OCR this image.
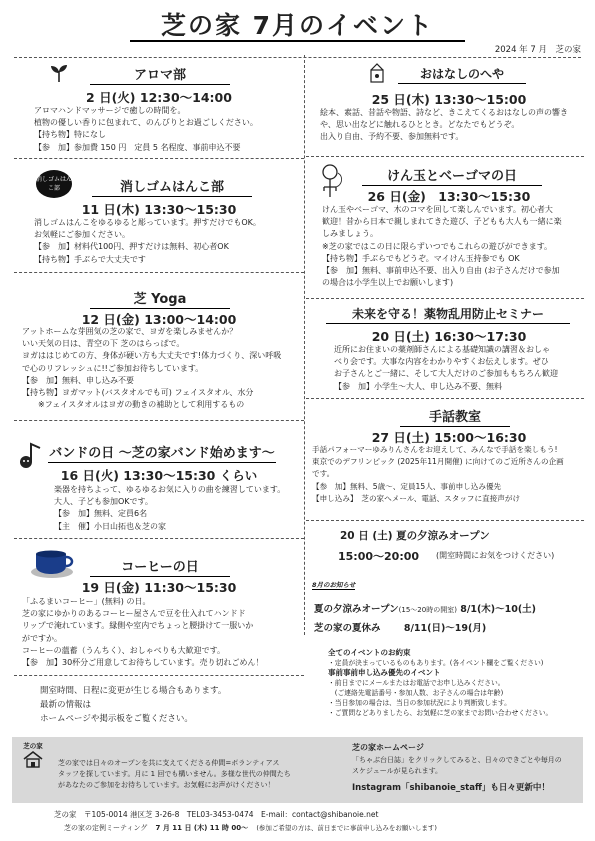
芝の家 7月のイベント
2024 年 7 月　芝の家
アロマ部
2 日(火) 12:30～14:00
アロマハンドマッサージで癒しの時間を。
植物の優しい香りに包まれて、のんびりとお過ごしください。
【持ち物】特になし
【参　加】参加費 150 円　定員 5 名程度、事前申込不要
消しゴムはんこ部	消しゴムはんこ部
11 日(木) 13:30～15:30
消しゴムはんこをゆるゆると彫っています。押すだけでもOK。
お気軽にご参加ください。
【参　加】材料代100円、押すだけは無料、初心者OK
【持ち物】手ぶらで大丈夫です
芝 Yoga
12 日(金) 13:00～14:00
アットホームな芽囲気の芝の家で、ヨガを楽しみませんか？
いい天気の日は、青空の下 芝のはらっぱで。
ヨガははじめての方、身体が硬い方も大丈夫です!体力づくり、深い呼吸
で心のリフレッシュに!!ご参加お待ちしています。
【参　加】無料、申し込み不要
【持ち物】ヨガマット(バスタオルでも可) フェイスタオル、水分
　　※フェイスタオルはヨガの動きの補助として利用するもの
バンドの日 ～芝の家バンド始めます～
16 日(火) 13:30～15:30 くらい
楽器を持ちよって、ゆるゆるお気に入りの曲を練習しています。
大人、子ども参加OKです。
【参　加】無料、定員6名
【主　催】小日山拓也＆芝の家
コーヒーの日
19 日(金) 11:30～15:30
「ふるまいコーヒー」(無料) の日。
芝の家にゆかりのあるコーヒー屋さんで豆を仕入れてハンドド
リップで淹れています。縁側や室内でちょっと腰掛けて一服いか
がですか。
コーヒーの薀蓄（うんちく）、おしゃべりも大歓迎です。
【参　加】30杯分ご用意してお待ちしています。売り切れごめん！
開室時間、日程に変更が生じる場合もあります。
最新の情報は
ホームページや掲示板をご覧ください。
おはなしのへや
25 日(木) 13:30～15:00
絵本、素話、昔話や物語、詩など、きこえてくるおはなしの声の響き
や、思い出などに触れるひととき。どなたでもどうぞ。
出入り自由、予約不要、参加無料です。
けん玉とベーゴマの日
26 日(金)　13:30～15:30
けん玉やベーゴマ、木のコマを回して楽しんでいます。初心者大
歓迎！昔から日本で親しまれてきた遊び、子どもも大人も一緒に楽
しみましょう。
※芝の家ではこの日に限らずいつでもこれらの遊びができます。
【持ち物】手ぶらでもどうぞ。マイけん玉持参でも OK
【参　加】無料、事前申込不要、出入り自由 (お子さんだけで参加
の場合は小学生以上でお願いします)
未来を守る！薬物乱用防止セミナー
20 日(土) 16:30～17:30
近所にお住まいの薬剤師さんによる基礎知識の講習＆おしゃ
べり会です。大事な内容をわかりやすくお伝えします。ぜひ
お子さんとご一緒に、そして大人だけのご参加ももちろん歓迎
【参　加】小学生～大人、申し込み不要、無料
手話教室
27 日(土) 15:00～16:30
手話パフォーマーゆみりんさんをお迎えして、みんなで手話を楽しもう!
東京でのデフリンピック (2025年11月開催) に向けてのご近所さんの企画
です。
【参　加】無料、5歳～、定員15人、事前申し込み優先
【申し込み】　芝の家へメール、電話、スタッフに直接声がけ
20 日 (土) 夏の夕涼みオープン
15:00～20:00 (開室時間にお気をつけください)
8月のお知らせ
夏の夕涼みオープン(15～20時の開室) 8/1(木)～10(土)
芝の家の夏休み 8/11(日)～19(月)
全てのイベントのお約束
・定員が決まっているものもあります。(各イベント欄をご覧ください)
事前事前申し込み優先のイベント
・前日までにメールまたはお電話でお申し込みください。
　(ご連絡先電話番号・参加人数、お子さんの場合は年齢)
・当日参加の場合は、当日の参加状況により判断致します。
・ご質問などありましたら、お気軽に芝の家までお問い合わせください。
芝の家
芝の家では日々のオープンを共に支えてくださる仲間=ボランティアス
タッフを探しています。月に 1 回でも構いません。多様な世代の仲間たち
があなたのご参加をお待ちしています。お気軽にお声がけください！
芝の家ホームページ
「ちゃぶ台日誌」をクリックしてみると、日々のできごとや毎月の
スケジュールが見られます。
Instagram「shibanoie_staff」も日々更新中！
芝の家　〒105-0014 港区芝 3-26-8　TEL03-3453-0474　E-mail：contact@shibanoie.net
芝の家の定例ミーティング 7 月 11 日 (木) 11 時 00～ (参加ご希望の方は、前日までに事前申し込みをお願いします)
